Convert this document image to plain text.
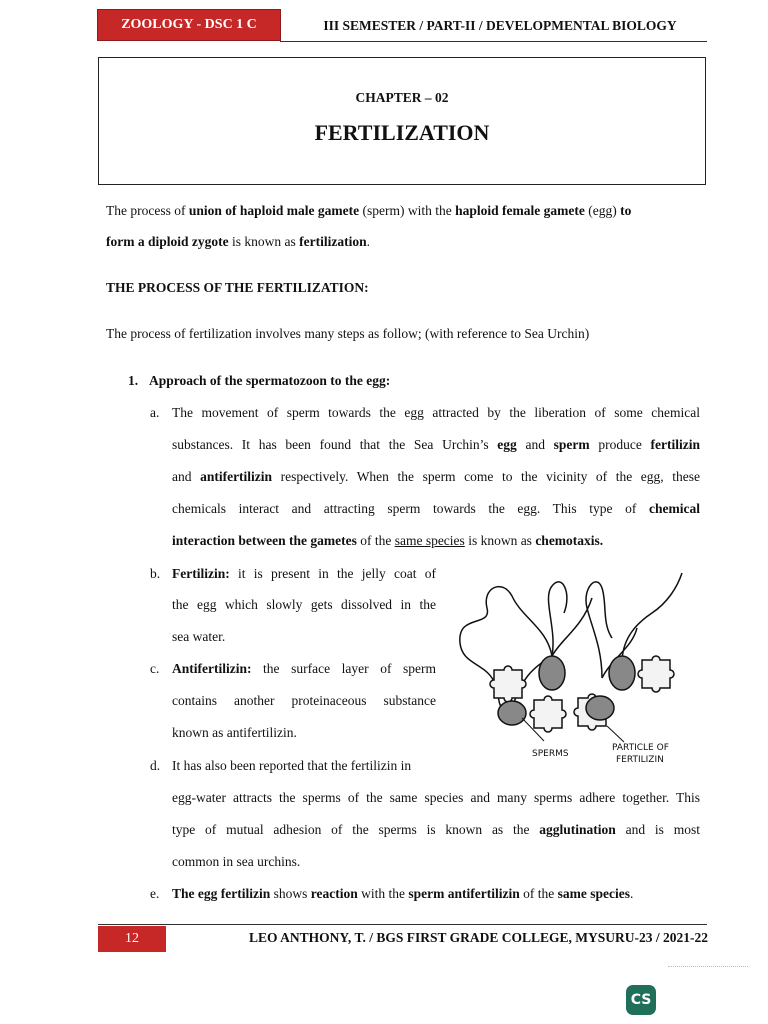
ZOOLOGY - DSC 1 C	III SEMESTER / PART-II / DEVELOPMENTAL BIOLOGY
CHAPTER – 02
FERTILIZATION
The process of union of haploid male gamete (sperm) with the haploid female gamete (egg) to
form a diploid zygote is known as fertilization.
THE PROCESS OF THE FERTILIZATION:
The process of fertilization involves many steps as follow; (with reference to Sea Urchin)
1. Approach of the spermatozoon to the egg:
a. The movement of sperm towards the egg attracted by the liberation of some chemical
substances. It has been found that the Sea Urchin’s egg and sperm produce fertilizin
and antifertilizin respectively. When the sperm come to the vicinity of the egg, these
chemicals interact and attracting sperm towards the egg. This type of chemical
interaction between the gametes of the same species is known as chemotaxis.
b. Fertilizin: it is present in the jelly coat of
the egg which slowly gets dissolved in the
sea water.
c. Antifertilizin: the surface layer of sperm
contains another proteinaceous substance
known as antifertilizin.
d. It has also been reported that the fertilizin in
egg-water attracts the sperms of the same species and many sperms adhere together. This
type of mutual adhesion of the sperms is known as the agglutination and is most
common in sea urchins.
e. The egg fertilizin shows reaction with the sperm antifertilizin of the same species.
SPERMS
PARTICLE OF
FERTILIZIN
12	LEO ANTHONY, T. / BGS FIRST GRADE COLLEGE, MYSURU-23 / 2021-22
CS
